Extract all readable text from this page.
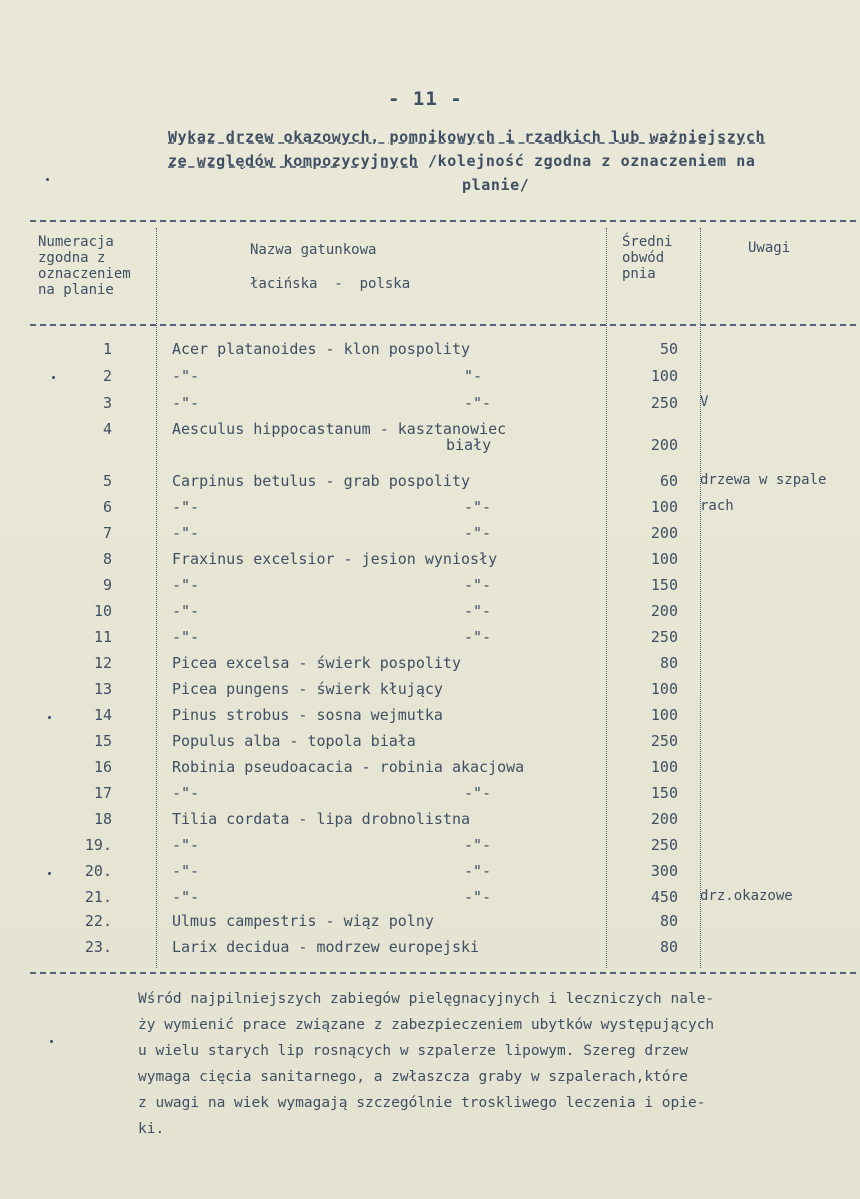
- 11 -
Wykaz drzew okazowych, pomnikowych i rzadkich lub ważniejszych
ze względów kompozycyjnych /kolejność zgodna z oznaczeniem na
planie/
Numeracja
zgodna z
oznaczeniem
na planie
Nazwa gatunkowa
łacińska  -  polska
Średni
obwód
pnia
Uwagi
1	Acer platanoides - klon pospolity	50
2	-"-	"-	100
3	-"-	-"-	250 V
4	Aesculus hippocastanum - kasztanowiec
biały	200
5	Carpinus betulus - grab pospolity	60 drzewa w szpale
6	-"-	-"-	100 rach
7	-"-	-"-	200
8	Fraxinus excelsior - jesion wyniosły	100
9	-"-	-"-	150
10	-"-	-"-	200
11	-"-	-"-	250
12	Picea excelsa - świerk pospolity	80
13	Picea pungens - świerk kłujący	100
14	Pinus strobus - sosna wejmutka	100
15	Populus alba - topola biała	250
16	Robinia pseudoacacia - robinia akacjowa	100
17	-"-	-"-	150
18	Tilia cordata - lipa drobnolistna	200
19.	-"-	-"-	250
20.	-"-	-"-	300
21.	-"-	-"-	450 drz.okazowe
22.	Ulmus campestris - wiąz polny	80
23.	Larix decidua - modrzew europejski	80
Wśród najpilniejszych zabiegów pielęgnacyjnych i leczniczych nale-
ży wymienić prace związane z zabezpieczeniem ubytków występujących
u wielu starych lip rosnących w szpalerze lipowym. Szereg drzew
wymaga cięcia sanitarnego, a zwłaszcza graby w szpalerach,które
z uwagi na wiek wymagają szczególnie troskliwego leczenia i opie-
ki.
